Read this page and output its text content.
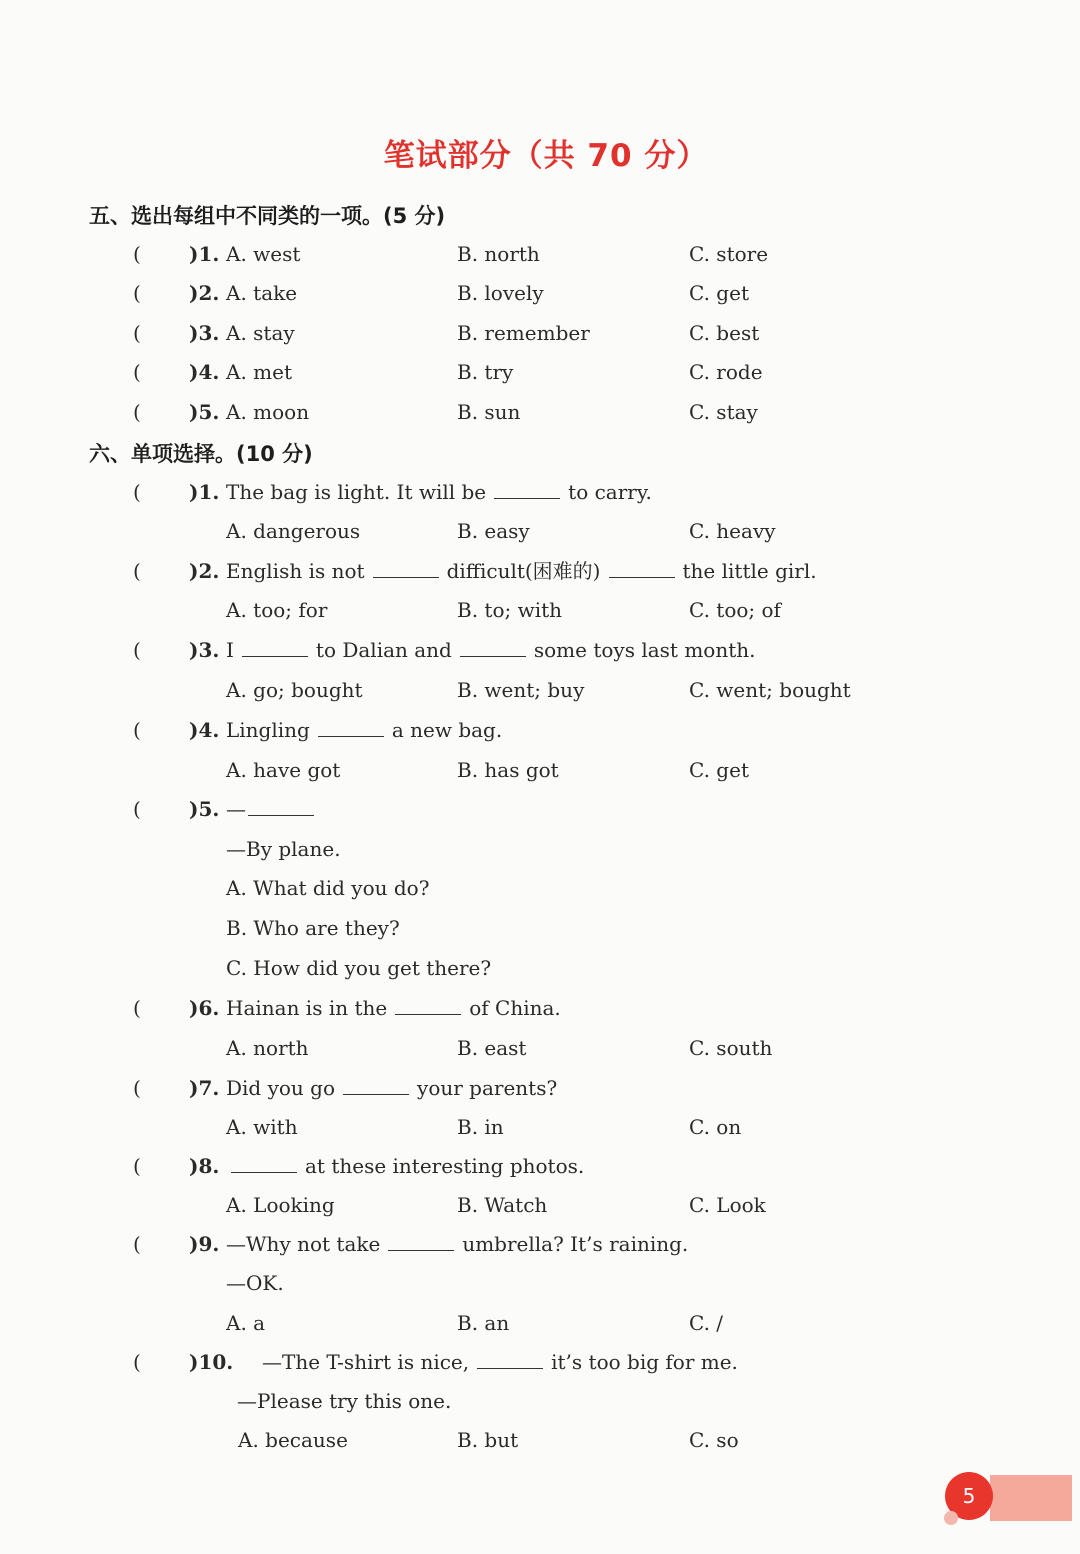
笔试部分（共 70 分）
五、选出每组中不同类的一项。(5 分)
( )1. A. west	B. north	C. store
( )2. A. take	B. lovely	C. get
( )3. A. stay	B. remember	C. best
( )4. A. met	B. try	C. rode
( )5. A. moon	B. sun	C. stay
六、单项选择。(10 分)
( )1. The bag is light. It will be	to carry.
A. dangerous	B. easy	C. heavy
( )2. English is not	difficult(困难的)	the little girl.
A. too; for	B. to; with	C. too; of
( )3. I	to Dalian and	some toys last month.
A. go; bought	B. went; buy	C. went; bought
( )4. Lingling	a new bag.
A. have got	B. has got	C. get
( )5. —
—By plane.
A. What did you do?
B. Who are they?
C. How did you get there?
( )6. Hainan is in the	of China.
A. north	B. east	C. south
( )7. Did you go	your parents?
A. with	B. in	C. on
( )8.	at these interesting photos.
A. Looking	B. Watch	C. Look
( )9. —Why not take	umbrella? It’s raining.
—OK.
A. a	B. an	C. /
( )10. —The T-shirt is nice,	it’s too big for me.
—Please try this one.
A. because	B. but	C. so
5
